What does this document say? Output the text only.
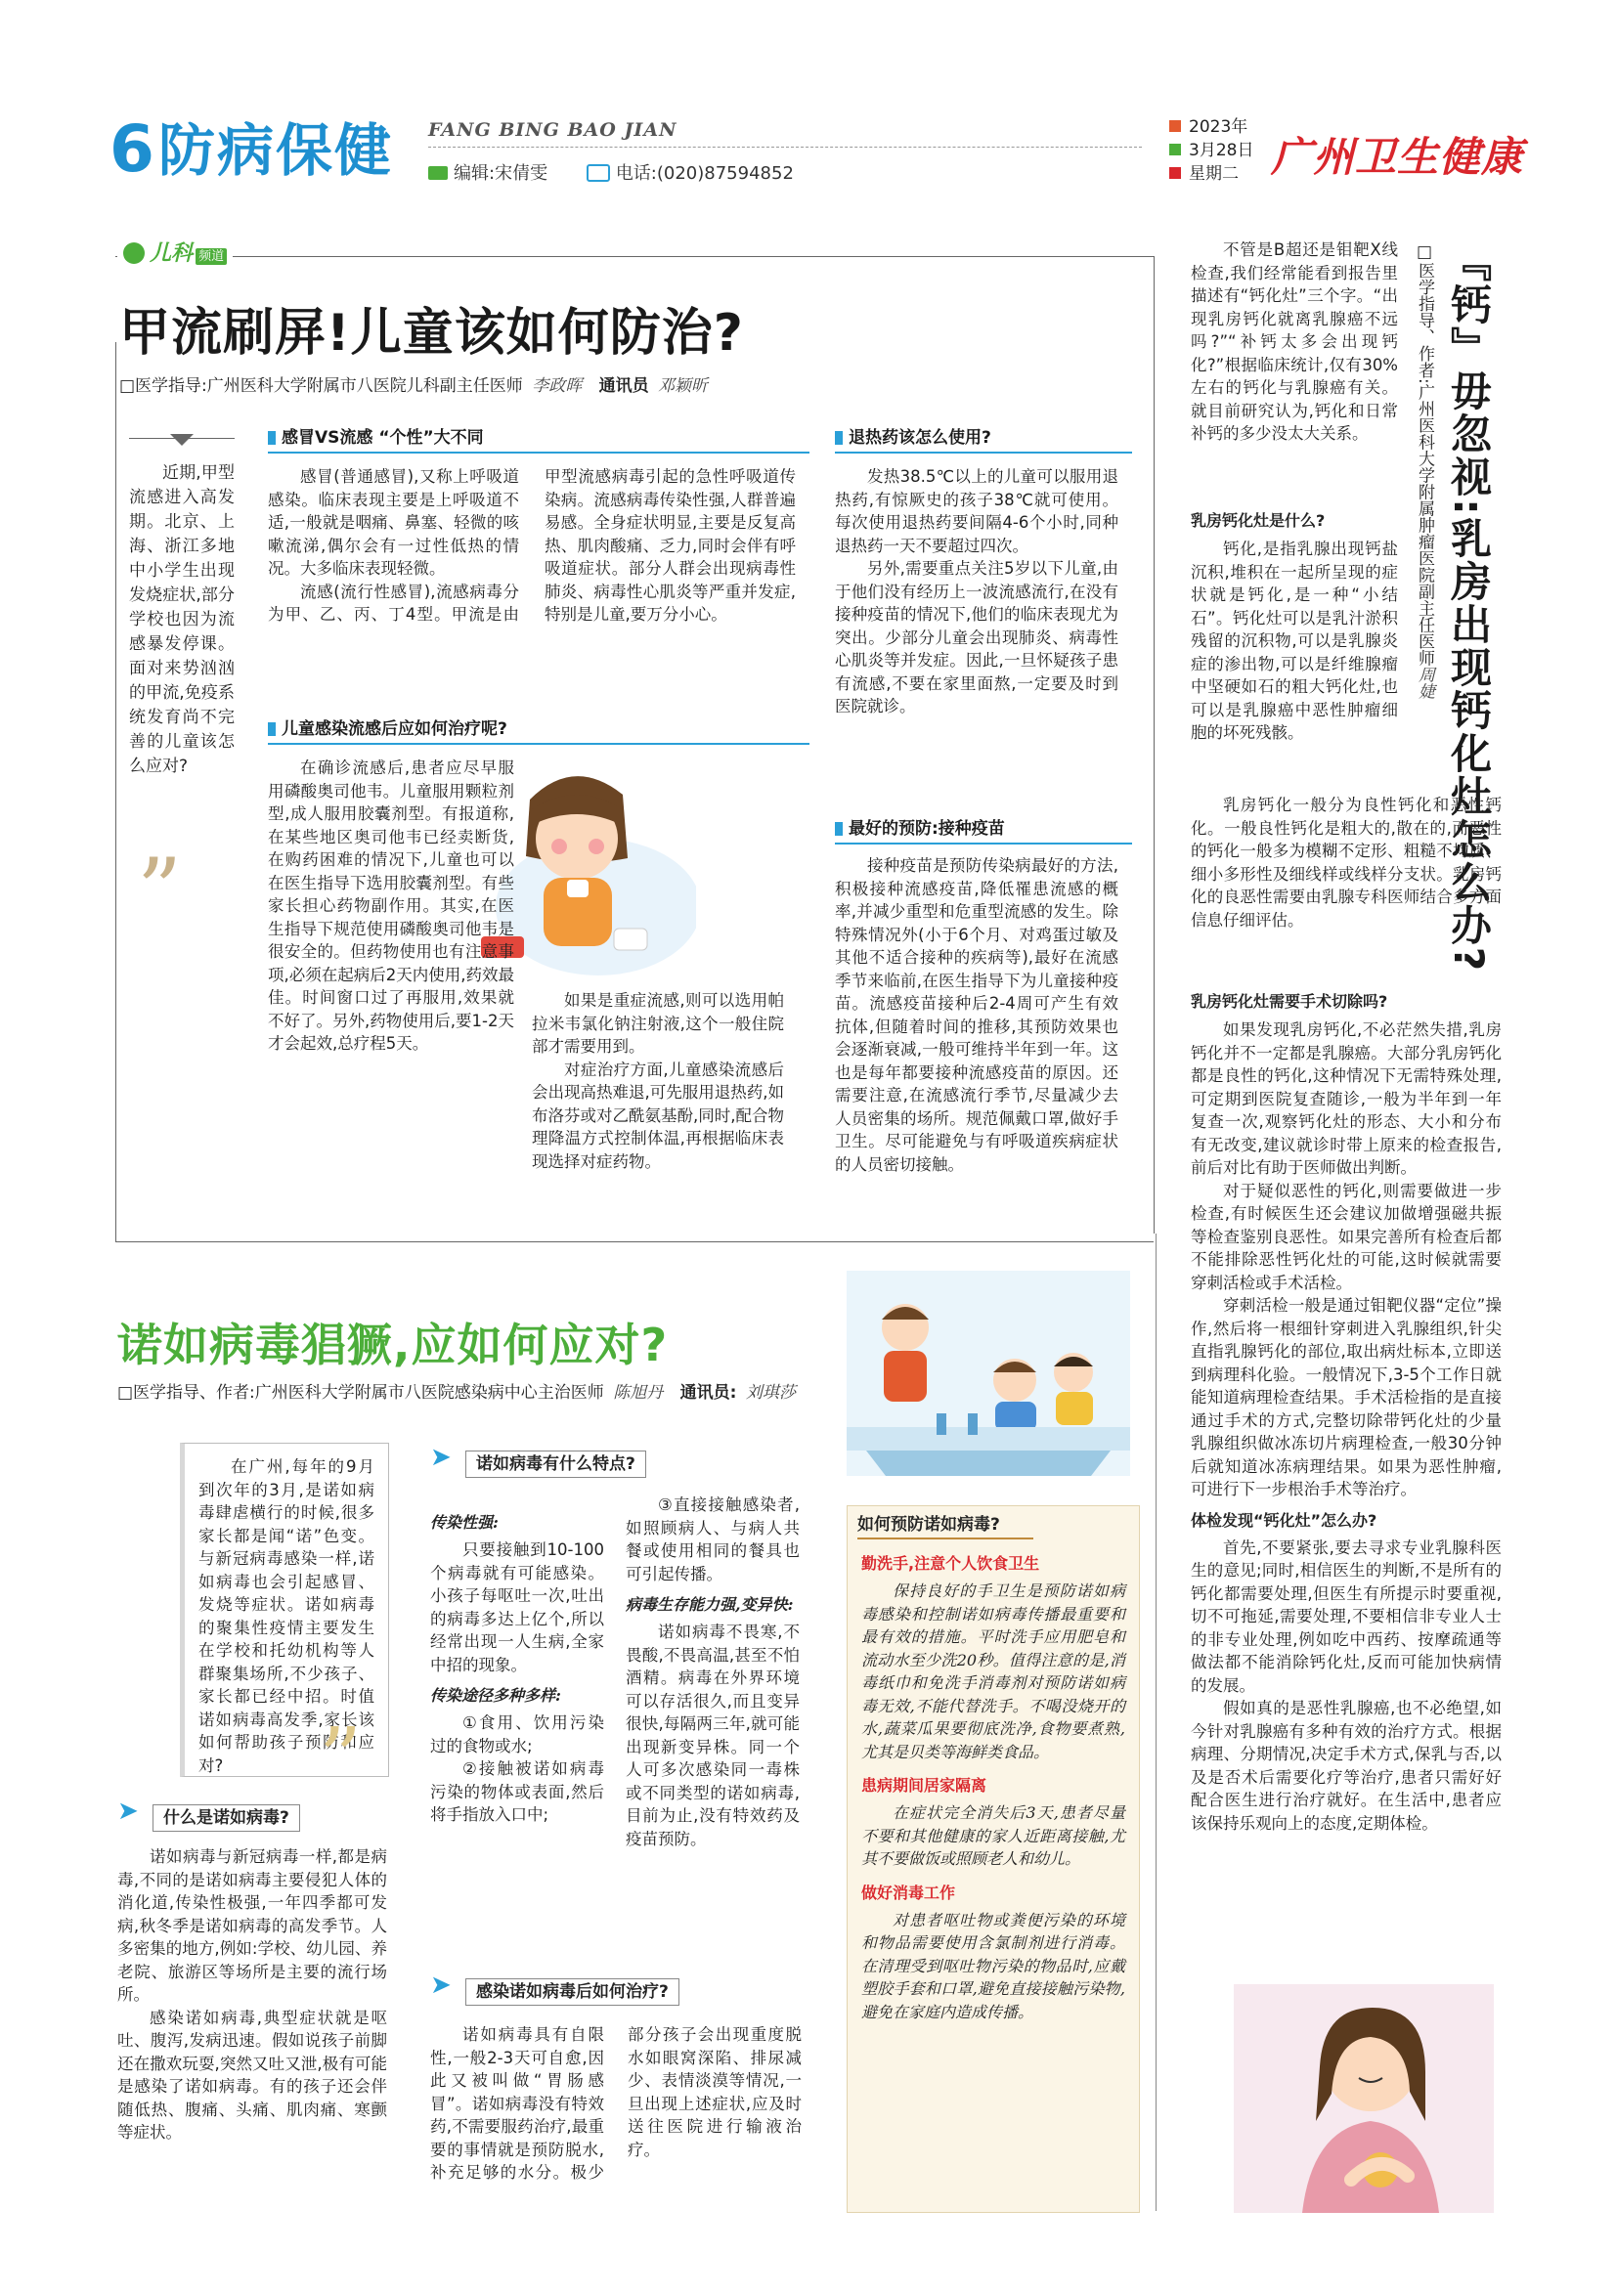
6 防病保健 FANG BING BAO JIAN
编辑:宋倩雯	电话:(020)87594852
2023年
3月28日
星期二 广州卫生健康
儿科 频道
甲流刷屏!儿童该如何防治?
□医学指导:广州医科大学附属市八医院儿科副主任医师 李政晖 通讯员 邓颖昕

近期,甲型流感进入高发期。北京、上海、浙江多地中小学生出现发烧症状,部分学校也因为流感暴发停课。面对来势汹汹的甲流,免疫系统发育尚不完善的儿童该怎么应对?

”
感冒VS流感 “个性”大不同

感冒(普通感冒),又称上呼吸道感染。临床表现主要是上呼吸道不适,一般就是咽痛、鼻塞、轻微的咳嗽流涕,偶尔会有一过性低热的情况。大多临床表现轻微。

流感(流行性感冒),流感病毒分为甲、乙、丙、丁4型。甲流是由甲型流感病毒引起的急性呼吸道传染病。流感病毒传染性强,人群普遍易感。全身症状明显,主要是反复高热、肌肉酸痛、乏力,同时会伴有呼吸道症状。部分人群会出现病毒性肺炎、病毒性心肌炎等严重并发症,特别是儿童,要万分小心。

儿童感染流感后应如何治疗呢?

在确诊流感后,患者应尽早服用磷酸奥司他韦。儿童服用颗粒剂型,成人服用胶囊剂型。有报道称,在某些地区奥司他韦已经卖断货,在购药困难的情况下,儿童也可以在医生指导下选用胶囊剂型。有些家长担心药物副作用。其实,在医生指导下规范使用磷酸奥司他韦是很安全的。但药物使用也有注意事项,必须在起病后2天内使用,药效最佳。时间窗口过了再服用,效果就不好了。另外,药物使用后,要1-2天才会起效,总疗程5天。

如果是重症流感,则可以选用帕拉米韦氯化钠注射液,这个一般住院部才需要用到。

对症治疗方面,儿童感染流感后会出现高热难退,可先服用退热药,如布洛芬或对乙酰氨基酚,同时,配合物理降温方式控制体温,再根据临床表现选择对症药物。

退热药该怎么使用?

发热38.5℃以上的儿童可以服用退热药,有惊厥史的孩子38℃就可使用。每次使用退热药要间隔4-6个小时,同种退热药一天不要超过四次。

另外,需要重点关注5岁以下儿童,由于他们没有经历上一波流感流行,在没有接种疫苗的情况下,他们的临床表现尤为突出。少部分儿童会出现肺炎、病毒性心肌炎等并发症。因此,一旦怀疑孩子患有流感,不要在家里面熬,一定要及时到医院就诊。

最好的预防:接种疫苗

接种疫苗是预防传染病最好的方法,积极接种流感疫苗,降低罹患流感的概率,并减少重型和危重型流感的发生。除特殊情况外(小于6个月、对鸡蛋过敏及其他不适合接种的疾病等),最好在流感季节来临前,在医生指导下为儿童接种疫苗。流感疫苗接种后2-4周可产生有效抗体,但随着时间的推移,其预防效果也会逐渐衰减,一般可维持半年到一年。这也是每年都要接种流感疫苗的原因。还需要注意,在流感流行季节,尽量减少去人员密集的场所。规范佩戴口罩,做好手卫生。尽可能避免与有呼吸道疾病症状的人员密切接触。

诺如病毒猖獗,应如何应对?
□医学指导、作者:广州医科大学附属市八医院感染病中心主治医师 陈旭丹 通讯员: 刘琪莎

在广州,每年的9月到次年的3月,是诺如病毒肆虐横行的时候,很多家长都是闻“诺”色变。与新冠病毒感染一样,诺如病毒也会引起感冒、发烧等症状。诺如病毒的聚集性疫情主要发生在学校和托幼机构等人群聚集场所,不少孩子、家长都已经中招。时值诺如病毒高发季,家长该如何帮助孩子预防和应对?	”
➤	什么是诺如病毒?

诺如病毒与新冠病毒一样,都是病毒,不同的是诺如病毒主要侵犯人体的消化道,传染性极强,一年四季都可发病,秋冬季是诺如病毒的高发季节。人多密集的地方,例如:学校、幼儿园、养老院、旅游区等场所是主要的流行场所。

感染诺如病毒,典型症状就是呕吐、腹泻,发病迅速。假如说孩子前脚还在撒欢玩耍,突然又吐又泄,极有可能是感染了诺如病毒。有的孩子还会伴随低热、腹痛、头痛、肌肉痛、寒颤等症状。

➤	诺如病毒有什么特点?
传染性强:

只要接触到10-100个病毒就有可能感染。小孩子每呕吐一次,吐出的病毒多达上亿个,所以经常出现一人生病,全家中招的现象。

传染途径多种多样:

①食用、饮用污染过的食物或水;

②接触被诺如病毒污染的物体或表面,然后将手指放入口中;

③直接接触感染者,如照顾病人、与病人共餐或使用相同的餐具也可引起传播。

病毒生存能力强,变异快:

诺如病毒不畏寒,不畏酸,不畏高温,甚至不怕酒精。病毒在外界环境可以存活很久,而且变异很快,每隔两三年,就可能出现新变异株。同一个人可多次感染同一毒株或不同类型的诺如病毒,目前为止,没有特效药及疫苗预防。

➤	感染诺如病毒后如何治疗?

诺如病毒具有自限性,一般2-3天可自愈,因此又被叫做“胃肠感冒”。诺如病毒没有特效药,不需要服药治疗,最重要的事情就是预防脱水,补充足够的水分。极少部分孩子会出现重度脱水如眼窝深陷、排尿减少、表情淡漠等情况,一旦出现上述症状,应及时送往医院进行输液治疗。

如何预防诺如病毒?
勤洗手,注意个人饮食卫生

保持良好的手卫生是预防诺如病毒感染和控制诺如病毒传播最重要和最有效的措施。平时洗手应用肥皂和流动水至少洗20秒。值得注意的是,消毒纸巾和免洗手消毒剂对预防诺如病毒无效,不能代替洗手。不喝没烧开的水,蔬菜瓜果要彻底洗净,食物要煮熟,尤其是贝类等海鲜类食品。

患病期间居家隔离

在症状完全消失后3天,患者尽量不要和其他健康的家人近距离接触,尤其不要做饭或照顾老人和幼儿。

做好消毒工作

对患者呕吐物或粪便污染的环境和物品需要使用含氯制剂进行消毒。在清理受到呕吐物污染的物品时,应戴塑胶手套和口罩,避免直接接触污染物,避免在家庭内造成传播。

『钙』毋忽视:乳房出现钙化灶怎么办?
□医学指导、作者:广州医科大学附属肿瘤医院副主任医师周婕

不管是B超还是钼靶X线检查,我们经常能看到报告里描述有“钙化灶”三个字。“出现乳房钙化就离乳腺癌不远吗?”“补钙太多会出现钙化?”根据临床统计,仅有30%左右的钙化与乳腺癌有关。就目前研究认为,钙化和日常补钙的多少没太大关系。

乳房钙化灶是什么?

钙化,是指乳腺出现钙盐沉积,堆积在一起所呈现的症状就是钙化,是一种“小结石”。钙化灶可以是乳汁淤积残留的沉积物,可以是乳腺炎症的渗出物,可以是纤维腺瘤中坚硬如石的粗大钙化灶,也可以是乳腺癌中恶性肿瘤细胞的坏死残骸。

乳房钙化一般分为良性钙化和恶性钙化。一般良性钙化是粗大的,散在的,而恶性的钙化一般多为模糊不定形、粗糙不均质、细小多形性及细线样或线样分支状。乳房钙化的良恶性需要由乳腺专科医师结合多方面信息仔细评估。

乳房钙化灶需要手术切除吗?

如果发现乳房钙化,不必茫然失措,乳房钙化并不一定都是乳腺癌。大部分乳房钙化都是良性的钙化,这种情况下无需特殊处理,可定期到医院复查随诊,一般为半年到一年复查一次,观察钙化灶的形态、大小和分布有无改变,建议就诊时带上原来的检查报告,前后对比有助于医师做出判断。

对于疑似恶性的钙化,则需要做进一步检查,有时候医生还会建议加做增强磁共振等检查鉴别良恶性。如果完善所有检查后都不能排除恶性钙化灶的可能,这时候就需要穿刺活检或手术活检。

穿刺活检一般是通过钼靶仪器“定位”操作,然后将一根细针穿刺进入乳腺组织,针尖直指乳腺钙化的部位,取出病灶标本,立即送到病理科化验。一般情况下,3-5个工作日就能知道病理检查结果。手术活检指的是直接通过手术的方式,完整切除带钙化灶的少量乳腺组织做冰冻切片病理检查,一般30分钟后就知道冰冻病理结果。如果为恶性肿瘤,可进行下一步根治手术等治疗。

体检发现“钙化灶”怎么办?

首先,不要紧张,要去寻求专业乳腺科医生的意见;同时,相信医生的判断,不是所有的钙化都需要处理,但医生有所提示时要重视,切不可拖延,需要处理,不要相信非专业人士的非专业处理,例如吃中西药、按摩疏通等做法都不能消除钙化灶,反而可能加快病情的发展。

假如真的是恶性乳腺癌,也不必绝望,如今针对乳腺癌有多种有效的治疗方式。根据病理、分期情况,决定手术方式,保乳与否,以及是否术后需要化疗等治疗,患者只需好好配合医生进行治疗就好。在生活中,患者应该保持乐观向上的态度,定期体检。
